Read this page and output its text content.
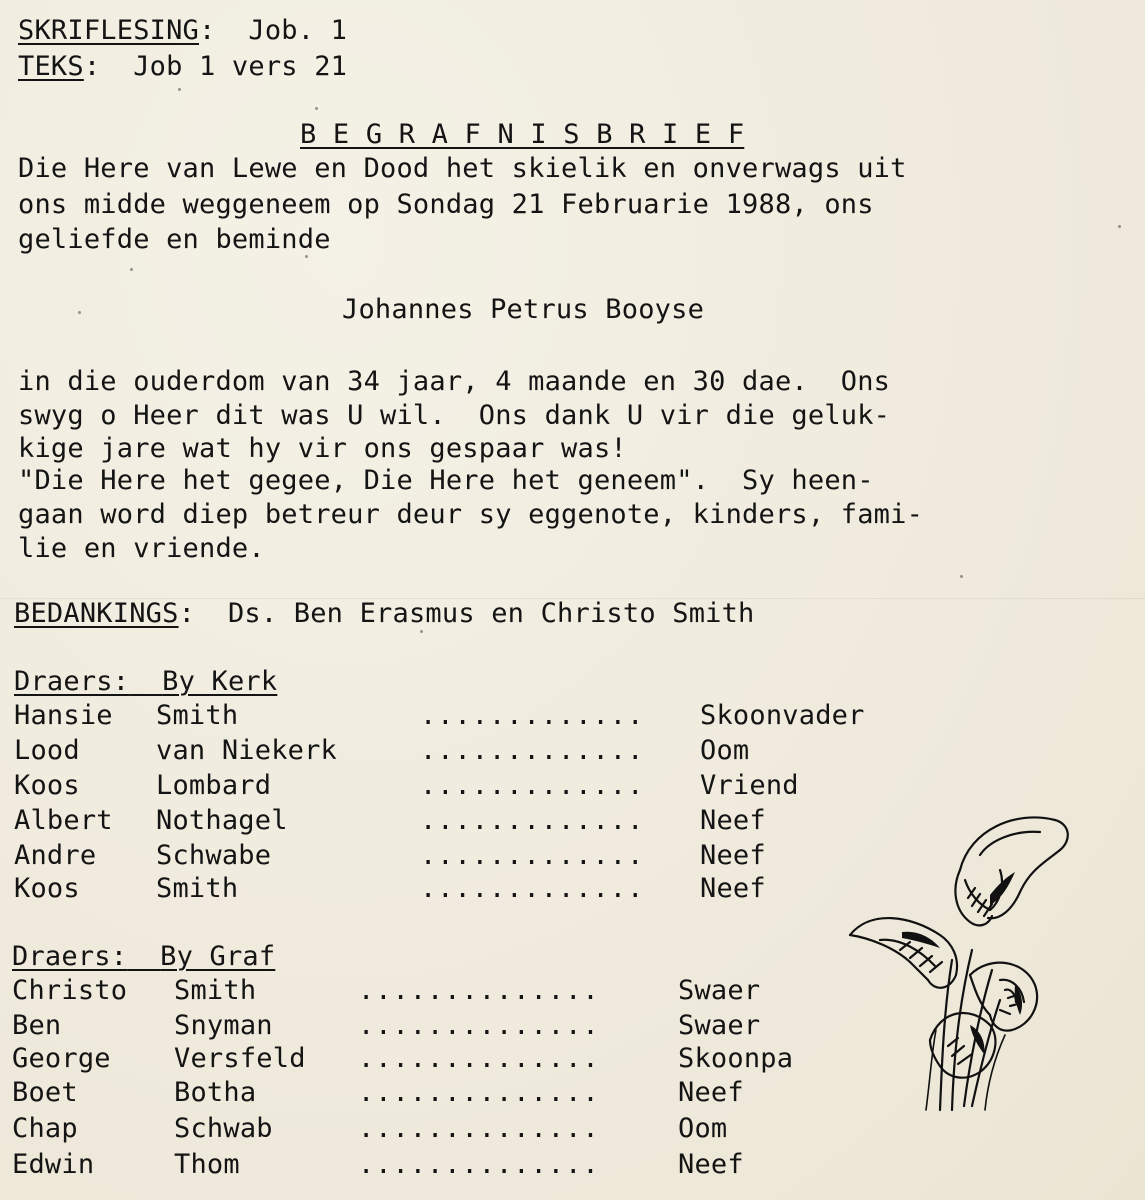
SKRIFLESING:  Job. 1
TEKS:  Job 1 vers 21
B E G R A F N I S B R I E F
Die Here van Lewe en Dood het skielik en onverwags uit
ons midde weggeneem op Sondag 21 Februarie 1988, ons
geliefde en beminde
Johannes Petrus Booyse
in die ouderdom van 34 jaar, 4 maande en 30 dae.  Ons
swyg o Heer dit was U wil.  Ons dank U vir die geluk-
kige jare wat hy vir ons gespaar was!
"Die Here het gegee, Die Here het geneem".  Sy heen-
gaan word diep betreur deur sy eggenote, kinders, fami-
lie en vriende.
BEDANKINGS:  Ds. Ben Erasmus en Christo Smith
Draers: By Kerk
Hansie Smith	............. Skoonvader
Lood	van Niekerk	............. Oom
Koos	Lombard	............. Vriend
Albert Nothagel	............. Neef
Andre Schwabe	............. Neef
Koos	Smith	............. Neef
Draers: By Graf
Christo Smith	..............	Swaer
Ben	Snyman	..............	Swaer
George Versfeld ..............	Skoonpa
Boet	Botha	..............	Neef
Chap	Schwab	..............	Oom
Edwin	Thom	..............	Neef
